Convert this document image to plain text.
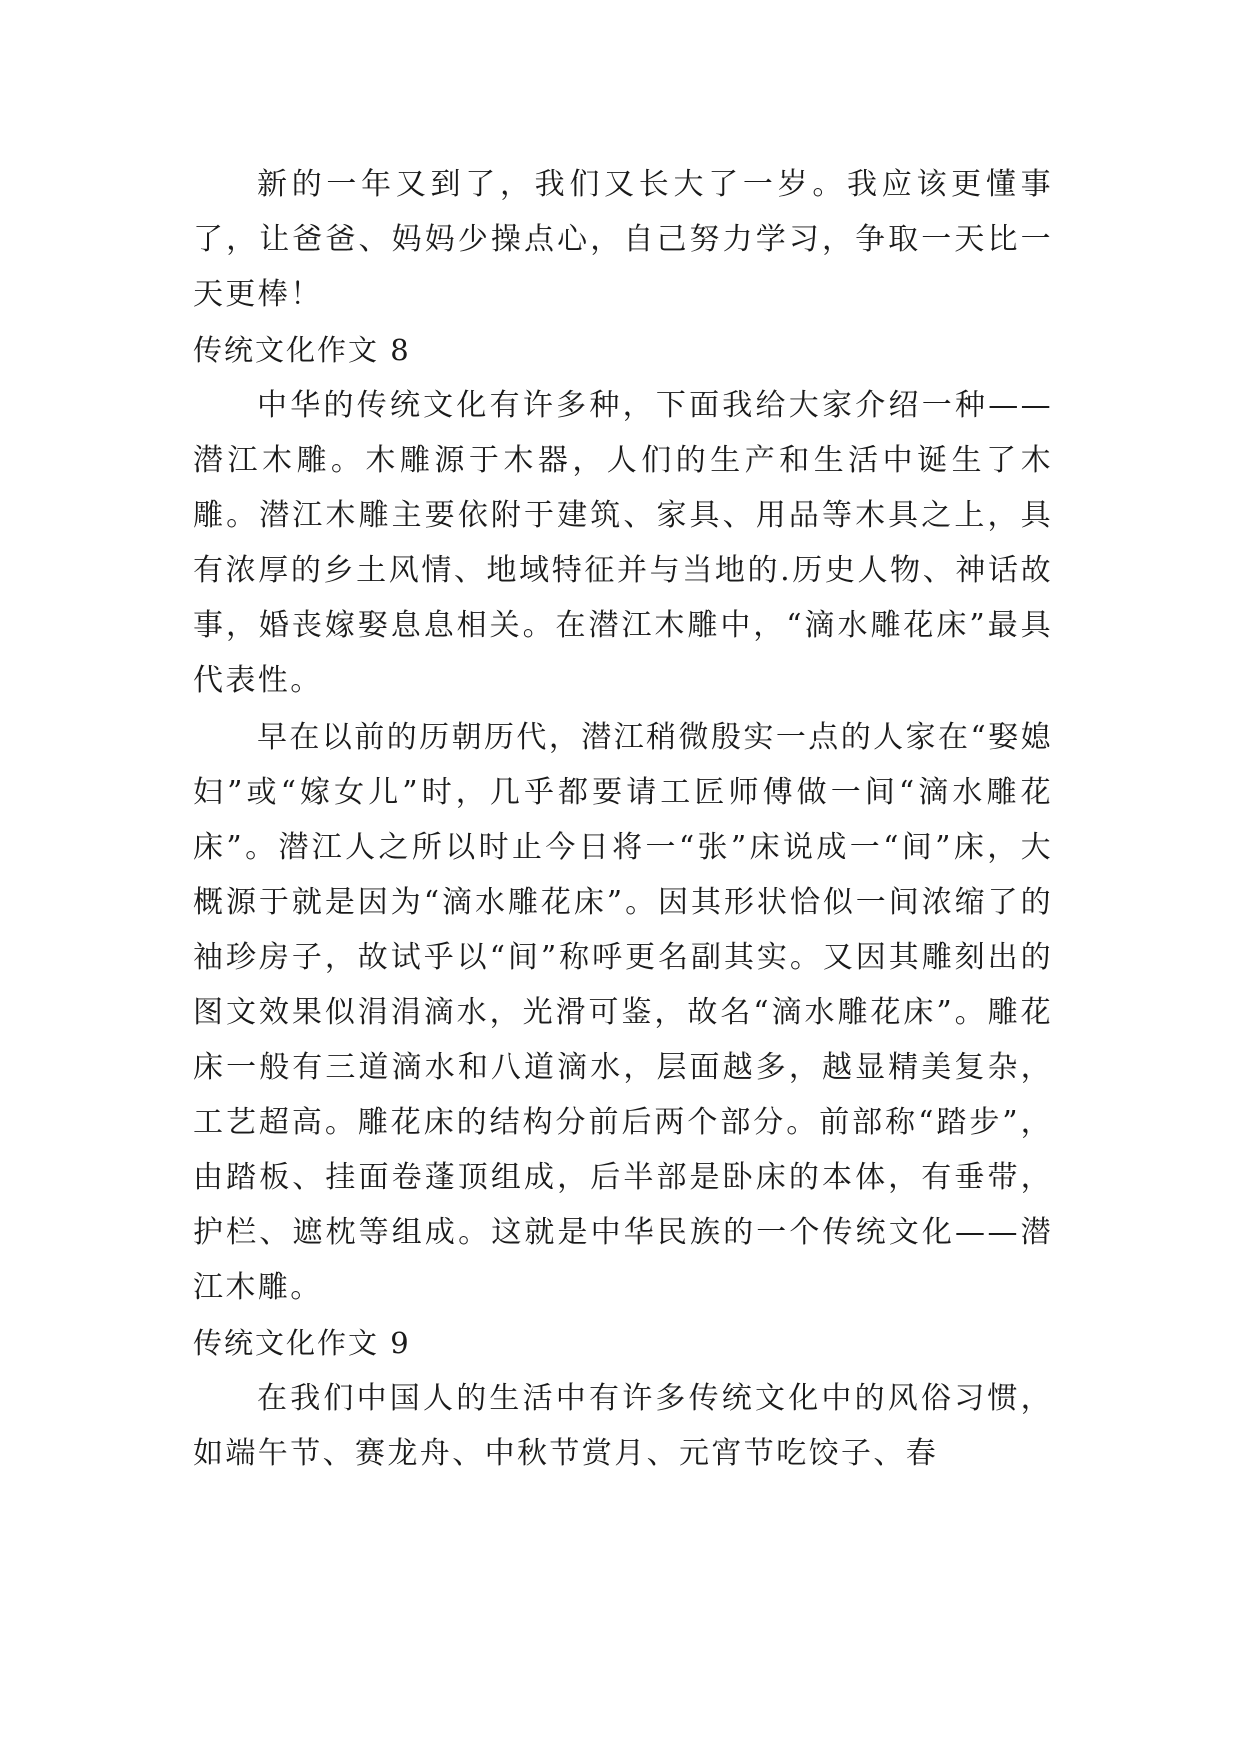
新的一年又到了，我们又长大了一岁。我应该更懂事了，让爸爸、妈妈少操点心，自己努力学习，争取一天比一天更棒！

传统文化作文 8

中华的传统文化有许多种，下面我给大家介绍一种——潜江木雕。木雕源于木器，人们的生产和生活中诞生了木雕。潜江木雕主要依附于建筑、家具、用品等木具之上，具有浓厚的乡土风情、地域特征并与当地的.历史人物、神话故事，婚丧嫁娶息息相关。在潜江木雕中，“滴水雕花床”最具代表性。

早在以前的历朝历代，潜江稍微殷实一点的人家在“娶媳妇”或“嫁女儿”时，几乎都要请工匠师傅做一间“滴水雕花床”。潜江人之所以时止今日将一“张”床说成一“间”床，大概源于就是因为“滴水雕花床”。因其形状恰似一间浓缩了的袖珍房子，故试乎以“间”称呼更名副其实。又因其雕刻出的图文效果似涓涓滴水，光滑可鉴，故名“滴水雕花床”。雕花床一般有三道滴水和八道滴水，层面越多，越显精美复杂，工艺超高。雕花床的结构分前后两个部分。前部称“踏步”，由踏板、挂面卷蓬顶组成，后半部是卧床的本体，有垂带，护栏、遮枕等组成。这就是中华民族的一个传统文化——潜江木雕。

传统文化作文 9

在我们中国人的生活中有许多传统文化中的风俗习惯，如端午节、赛龙舟、中秋节赏月、元宵节吃饺子、春
